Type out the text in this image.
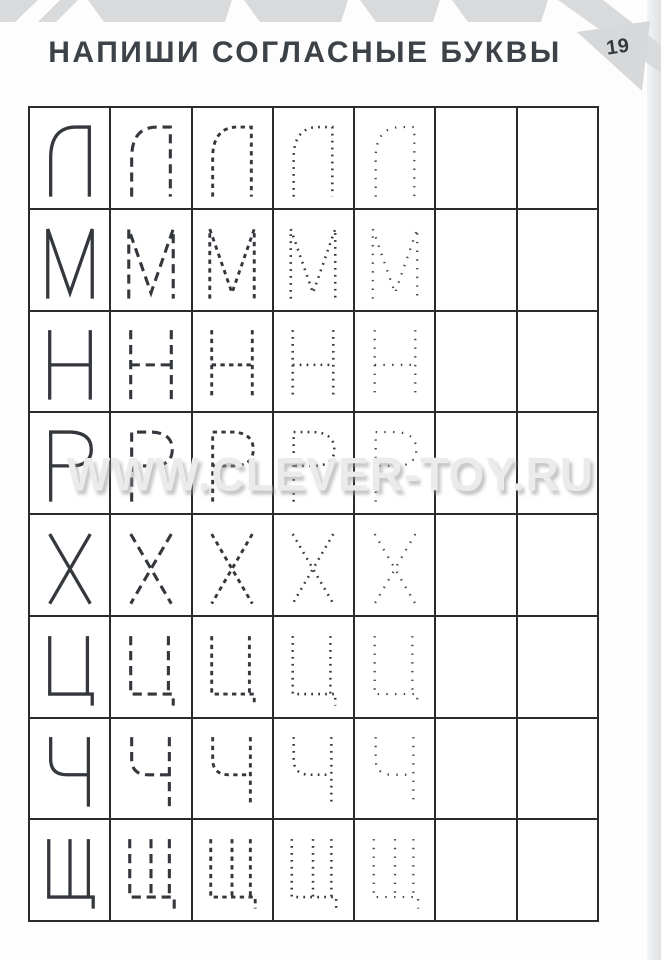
19
НАПИШИ СОГЛАСНЫЕ БУКВЫ
WWW.CLEVER-TOY.RU
